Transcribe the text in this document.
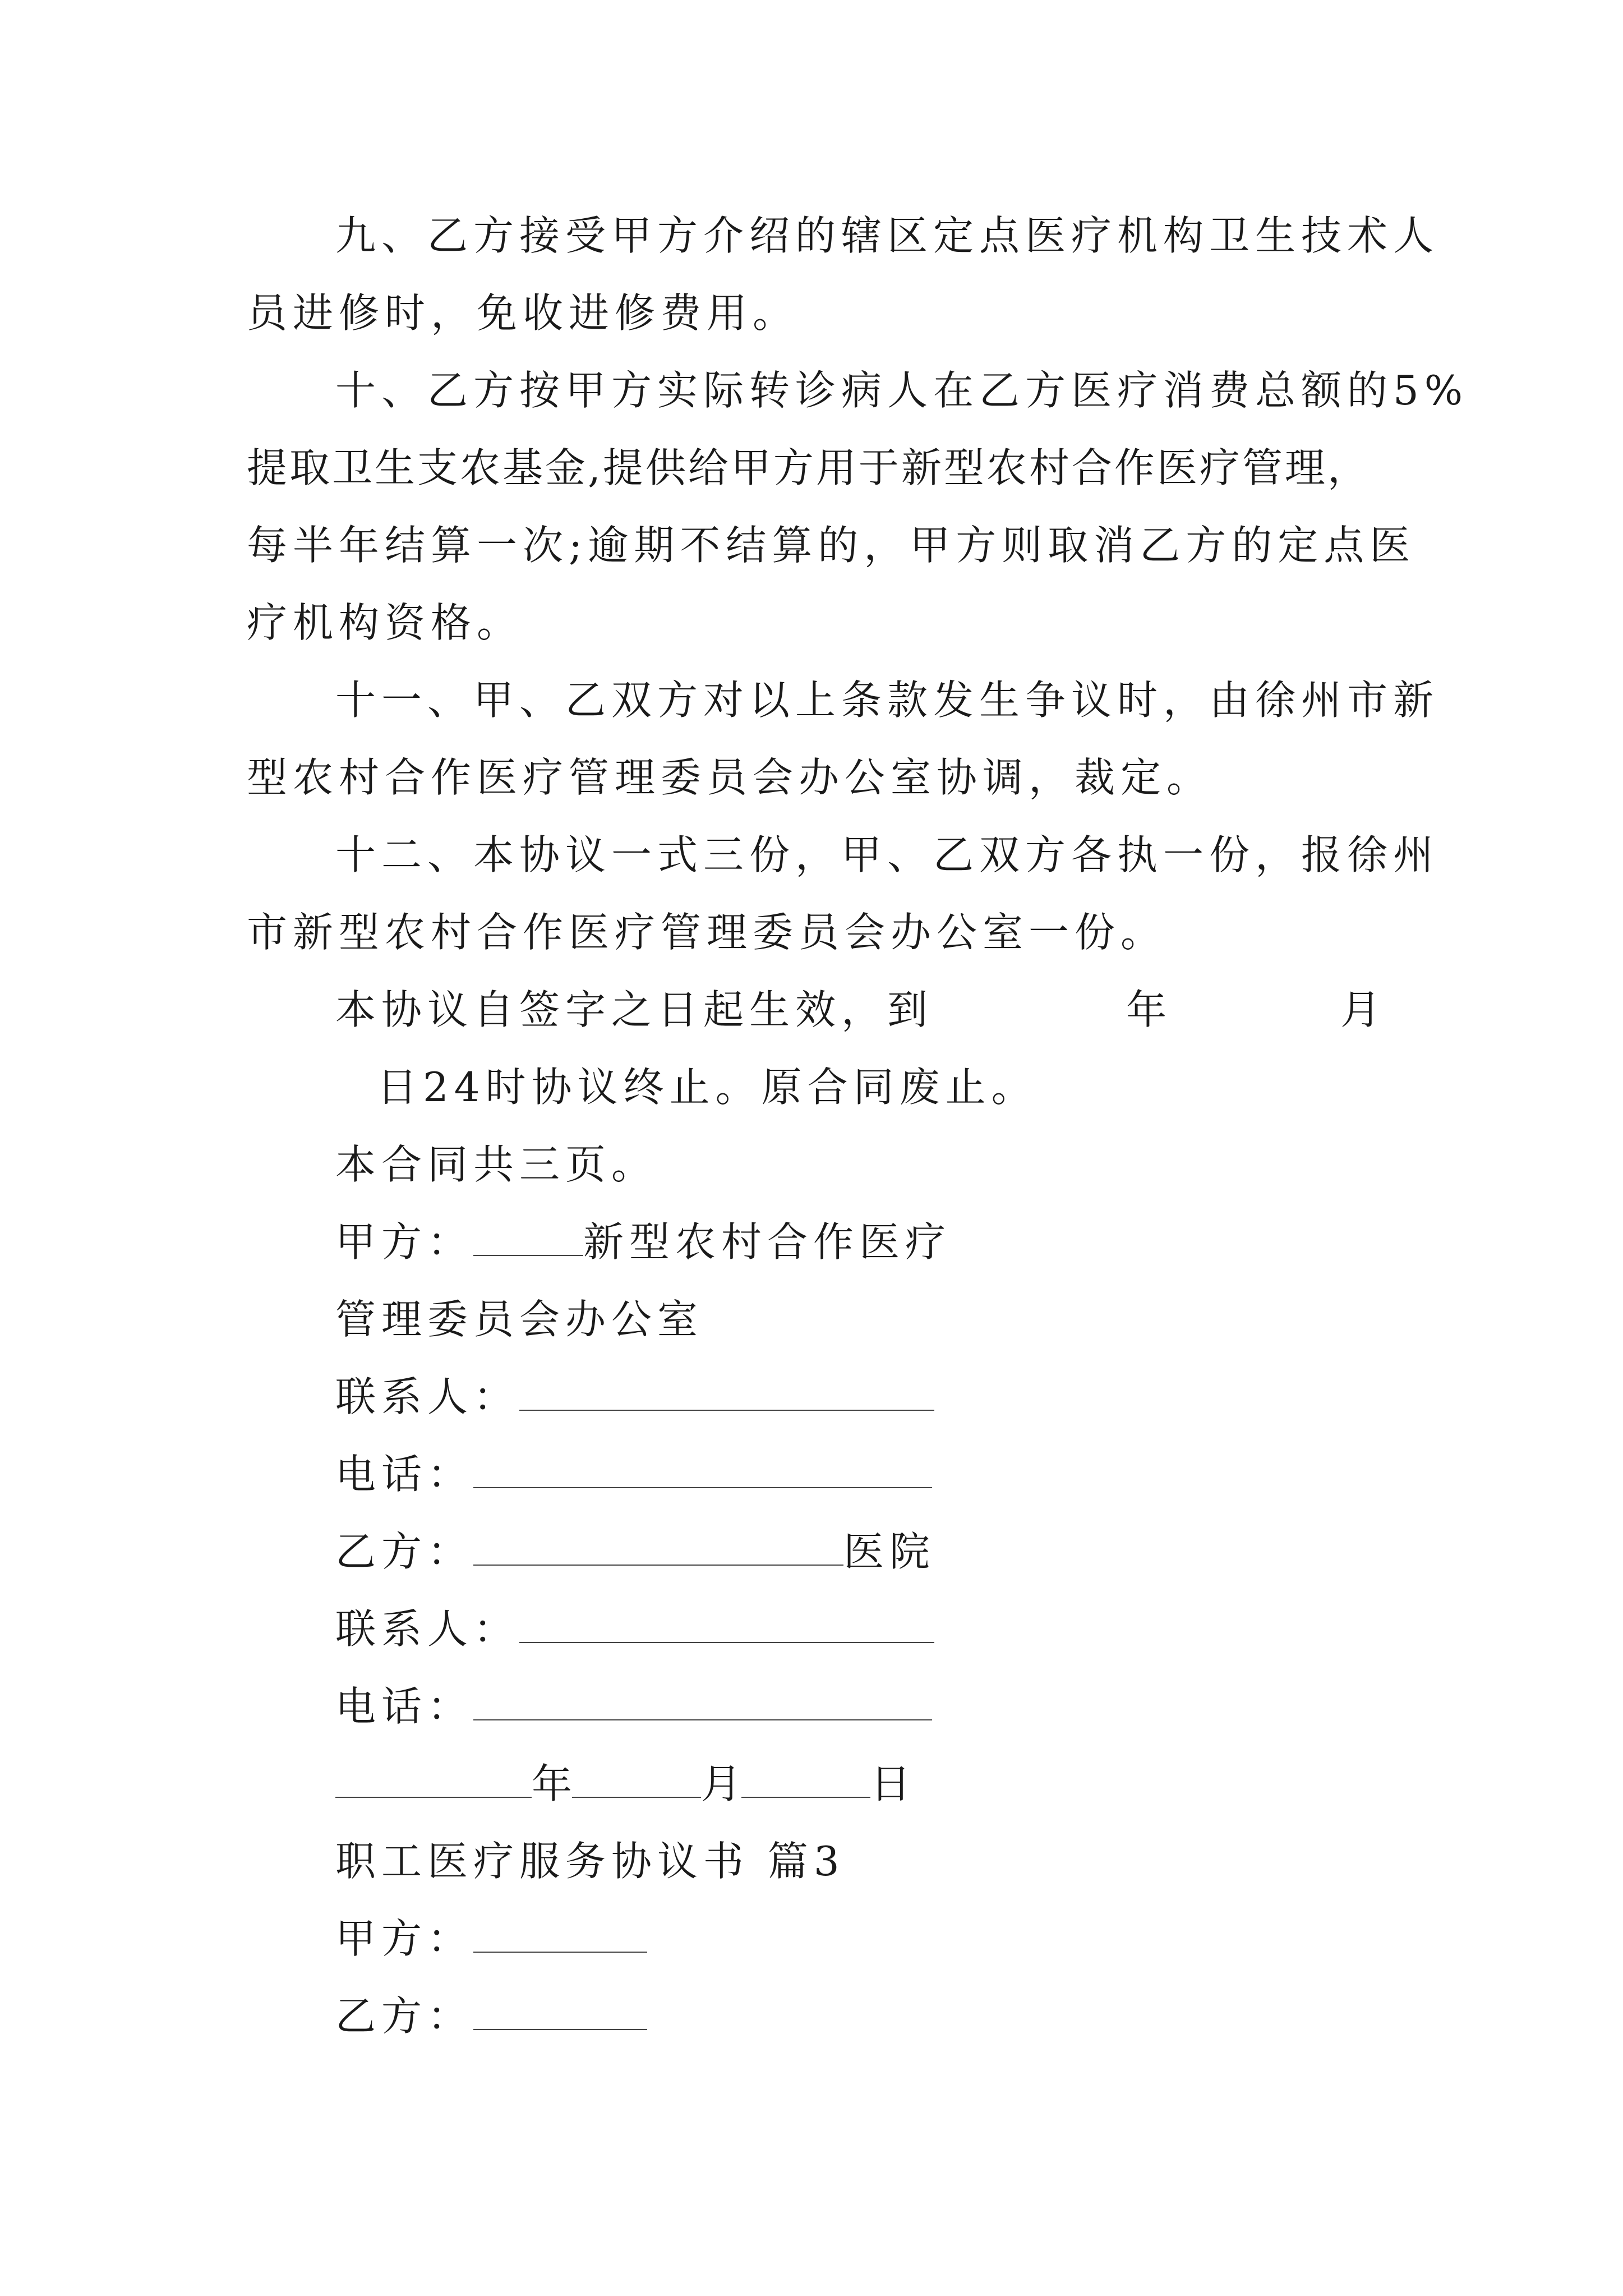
九、乙方接受甲方介绍的辖区定点医疗机构卫生技术人
员进修时，免收进修费用。
十、乙方按甲方实际转诊病人在乙方医疗消费总额的5%
提取卫生支农基金,提供给甲方用于新型农村合作医疗管理，
每半年结算一次;逾期不结算的，甲方则取消乙方的定点医
疗机构资格。
十一、甲、乙双方对以上条款发生争议时，由徐州市新
型农村合作医疗管理委员会办公室协调，裁定。
十二、本协议一式三份，甲、乙双方各执一份，报徐州
市新型农村合作医疗管理委员会办公室一份。
本协议自签字之日起生效，到	年	月
日24时协议终止。原合同废止。
本合同共三页。
甲方：	新型农村合作医疗
管理委员会办公室
联系人：
电话：
乙方：	医院
联系人：
电话：
年	月	日
职工医疗服务协议书 篇3
甲方：
乙方：
